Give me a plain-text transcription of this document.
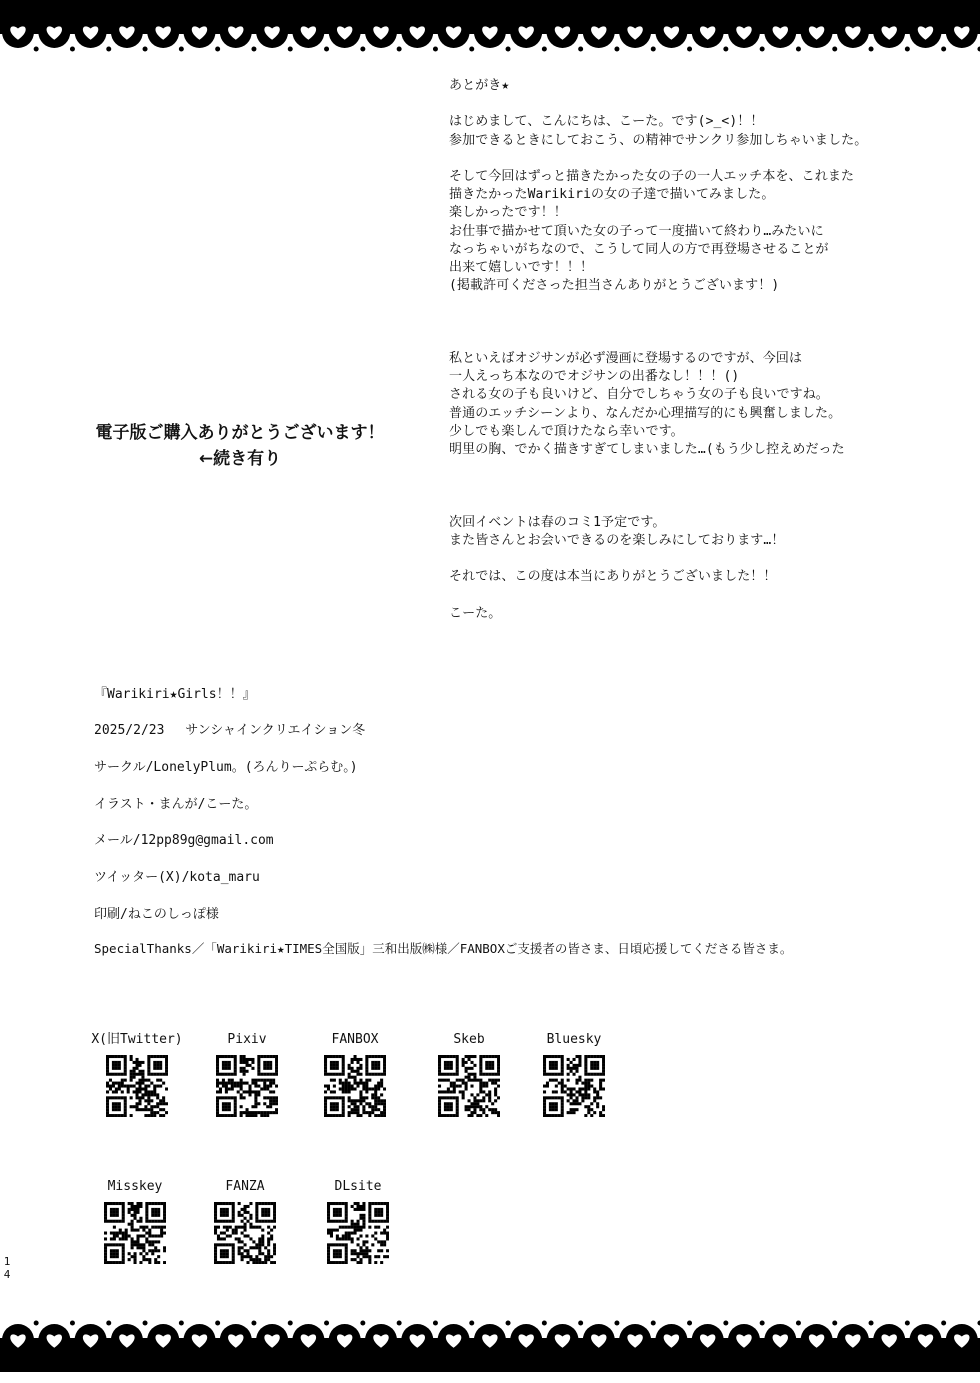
あとがき★

はじめまして、こんにちは、こーた。です(>_<)！！
参加できるときにしておこう、の精神でサンクリ参加しちゃいました。

そして今回はずっと描きたかった女の子の一人エッチ本を、これまた
描きたかったWarikiriの女の子達で描いてみました。
楽しかったです！！
お仕事で描かせて頂いた女の子って一度描いて終わり…みたいに
なっちゃいがちなので、こうして同人の方で再登場させることが
出来て嬉しいです！！！
(掲載許可くださった担当さんありがとうございます！)

私といえばオジサンが必ず漫画に登場するのですが、今回は
一人えっち本なのでオジサンの出番なし！！！()
される女の子も良いけど、自分でしちゃう女の子も良いですね。
普通のエッチシーンより、なんだか心理描写的にも興奮しました。
少しでも楽しんで頂けたなら幸いです。
明里の胸、でかく描きすぎてしまいました…(もう少し控えめだった

次回イベントは春のコミ1予定です。
また皆さんとお会いできるのを楽しみにしております…！

それでは、この度は本当にありがとうございました！！

こーた。
電子版ご購入ありがとうございます！
←続き有り
『Warikiri★Girls！！』
2025/2/23　 サンシャインクリエイション冬
サークル/LonelyPlum。(ろんりーぷらむ。)
イラスト・まんが/こーた。
メール/12pp89g@gmail.com
ツイッター(X)/kota_maru
印刷/ねこのしっぽ様
SpecialThanks／「Warikiri★TIMES全国版」三和出版㈱様／FANBOXご支援者の皆さま、日頃応援してくださる皆さま。
X(旧Twitter)	Pixiv	FANBOX	Skeb	Bluesky
Misskey	FANZA	DLsite
1
4
